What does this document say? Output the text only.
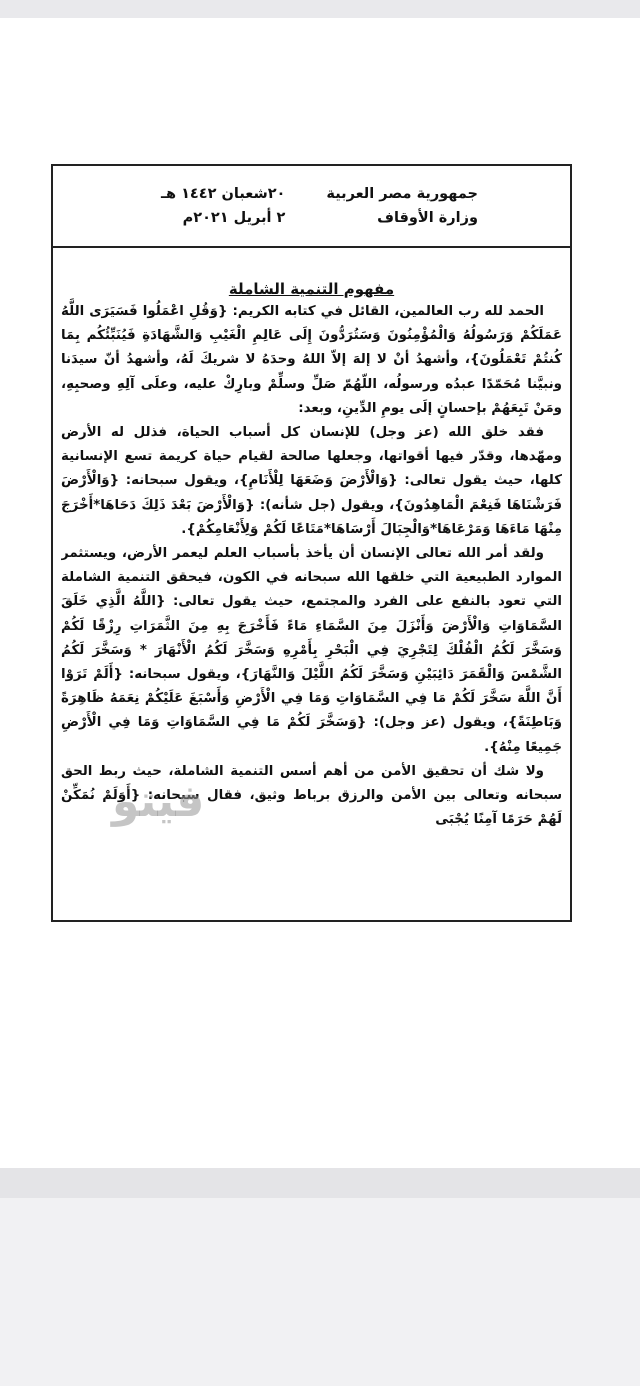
جمهورية مصر العربية
وزارة الأوقاف
٢٠شعبان ١٤٤٢ هـ
٢ أبريل ٢٠٢١م
مفهوم التنمية الشاملة

الحمد لله رب العالمين، القائل في كتابه الكريم: {وَقُلِ اعْمَلُوا فَسَيَرَى اللَّهُ عَمَلَكُمْ وَرَسُولُهُ وَالْمُؤْمِنُونَ وَسَتُرَدُّونَ إِلَى عَالِمِ الْغَيْبِ وَالشَّهَادَةِ فَيُنَبِّئُكُم بِمَا كُنتُمْ تَعْمَلُونَ}، وأشهدُ أنْ لا إلهَ إلاّ اللهُ وحدَهُ لا شريكَ لَهُ، وأشهدُ أنّ سيدَنا ونبيَّنا مُحَمّدًا عبدُه ورسولُه، اللّهُمّ صَلِّ وسلِّمْ وبارِكْ عليه، وعلَى آلِهِ وصحبِهِ، ومَنْ تَبِعَهُمْ بإحسانٍ إلَى يومِ الدِّينِ، وبعد:

فقد خلق الله (عز وجل) للإنسان كل أسباب الحياة، فذلل له الأرض ومهّدها، وقدّر فيها أقواتها، وجعلها صالحة لقيام حياة كريمة تسع الإنسانية كلها، حيث يقول تعالى: {وَالْأَرْضَ وَضَعَهَا لِلْأَنَامِ}، ويقول سبحانه: {وَالْأَرْضَ فَرَشْنَاهَا فَنِعْمَ الْمَاهِدُونَ}، ويقول (جل شأنه): {وَالْأَرْضَ بَعْدَ ذَلِكَ دَحَاهَا*أَخْرَجَ مِنْهَا مَاءَهَا وَمَرْعَاهَا*وَالْجِبَالَ أَرْسَاهَا*مَتَاعًا لَكُمْ وَلِأَنْعَامِكُمْ}.

ولقد أمر الله تعالى الإنسان أن يأخذ بأسباب العلم ليعمر الأرض، ويستثمر الموارد الطبيعية التي خلقها الله سبحانه في الكون، فيحقق التنمية الشاملة التي تعود بالنفع على الفرد والمجتمع، حيث يقول تعالى: {اللَّهُ الَّذِي خَلَقَ السَّمَاوَاتِ وَالْأَرْضَ وَأَنْزَلَ مِنَ السَّمَاءِ مَاءً فَأَخْرَجَ بِهِ مِنَ الثَّمَرَاتِ رِزْقًا لَكُمْ وَسَخَّرَ لَكُمُ الْفُلْكَ لِتَجْرِيَ فِي الْبَحْرِ بِأَمْرِهِ وَسَخَّرَ لَكُمُ الْأَنْهَارَ * وَسَخَّرَ لَكُمُ الشَّمْسَ وَالْقَمَرَ دَائِبَيْنِ وَسَخَّرَ لَكُمُ اللَّيْلَ وَالنَّهَارَ}، ويقول سبحانه: {أَلَمْ تَرَوْا أَنَّ اللَّهَ سَخَّرَ لَكُمْ مَا فِي السَّمَاوَاتِ وَمَا فِي الْأَرْضِ وَأَسْبَغَ عَلَيْكُمْ نِعَمَهُ ظَاهِرَةً وَبَاطِنَةً}، ويقول (عز وجل): {وَسَخَّرَ لَكُمْ مَا فِي السَّمَاوَاتِ وَمَا فِي الْأَرْضِ جَمِيعًا مِنْهُ}.

ولا شك أن تحقيق الأمن من أهم أسس التنمية الشاملة، حيث ربط الحق سبحانه وتعالى بين الأمن والرزق برباط وثيق، فقال سبحانه: {أَوَلَمْ نُمَكِّنْ لَهُمْ حَرَمًا آمِنًا يُجْبَى

فيتو
